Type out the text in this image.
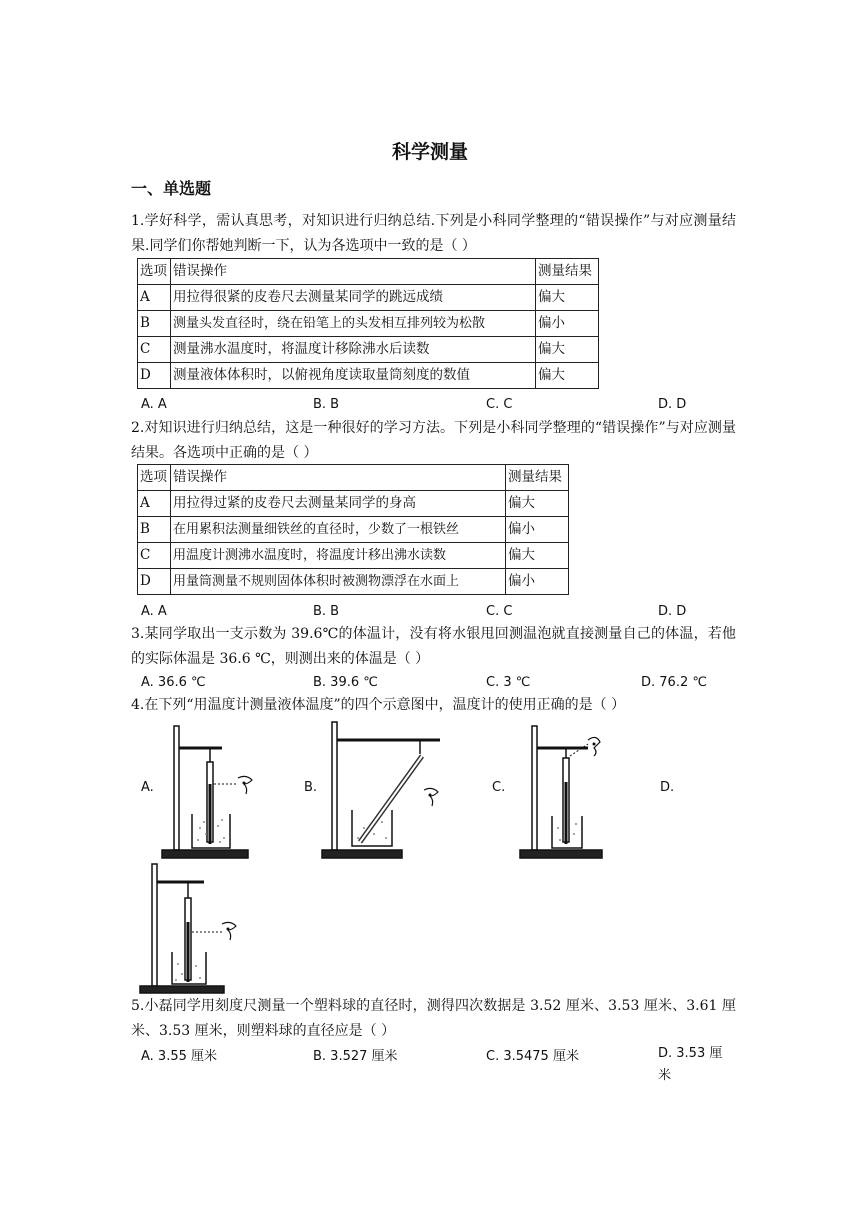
科学测量
一、单选题
1.学好科学，需认真思考，对知识进行归纳总结.下列是小科同学整理的“错误操作”与对应测量结果.同学们你帮她判断一下，认为各选项中一致的是（ ）
选项	错误操作	测量结果
A	用拉得很紧的皮卷尺去测量某同学的跳远成绩	偏大
B	测量头发直径时，绕在铅笔上的头发相互排列较为松散	偏小
C	测量沸水温度时，将温度计移除沸水后读数	偏大
D	测量液体体积时，以俯视角度读取量筒刻度的数值	偏大
A. A	B. B	C. C	D. D
2.对知识进行归纳总结，这是一种很好的学习方法。下列是小科同学整理的“错误操作”与对应测量结果。各选项中正确的是（ ）
选项	错误操作	测量结果
A	用拉得过紧的皮卷尺去测量某同学的身高	偏大
B	在用累积法测量细铁丝的直径时，少数了一根铁丝	偏小
C	用温度计测沸水温度时，将温度计移出沸水读数	偏大
D	用量筒测量不规则固体体积时被测物漂浮在水面上	偏小
A. A	B. B	C. C	D. D
3.某同学取出一支示数为 39.6℃的体温计，没有将水银甩回测温泡就直接测量自己的体温，若他的实际体温是 36.6 ℃，则测出来的体温是（ ）
A. 36.6 ℃	B. 39.6 ℃	C. 3 ℃	D. 76.2 ℃
4.在下列“用温度计测量液体温度”的四个示意图中，温度计的使用正确的是（ ）
A.	B.	C.	D.
5.小磊同学用刻度尺测量一个塑料球的直径时，测得四次数据是 3.52 厘米、3.53 厘米、3.61 厘米、3.53 厘米，则塑料球的直径应是（ ）
A. 3.55 厘米	B. 3.527 厘米	C. 3.5475 厘米	D. 3.53 厘米
